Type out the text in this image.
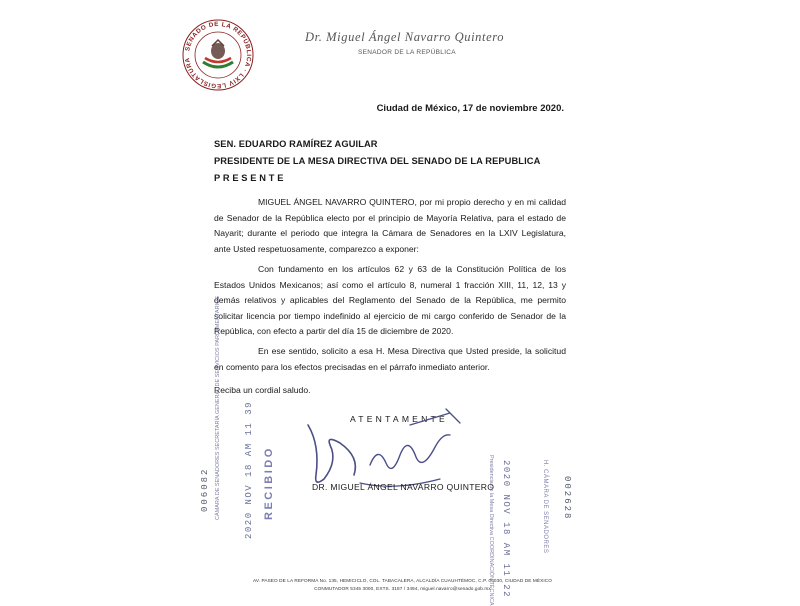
SENADO DE LA REPÚBLICA · LXIV LEGISLATURA
Dr. Miguel Ángel Navarro Quintero
SENADOR DE LA REPÚBLICA
Ciudad de México, 17 de noviembre 2020.
SEN. EDUARDO RAMÍREZ AGUILAR
PRESIDENTE DE LA MESA DIRECTIVA DEL SENADO DE LA REPUBLICA
P R E S E N T E
MIGUEL ÁNGEL NAVARRO QUINTERO, por mi propio derecho y en mi calidad de Senador de la República electo por el principio de Mayoría Relativa, para el estado de Nayarit; durante el periodo que integra la Cámara de Senadores en la LXIV Legislatura, ante Usted respetuosamente, comparezco a exponer:
Con fundamento en los artículos 62 y 63 de la Constitución Política de los Estados Unidos Mexicanos; así como el artículo 8, numeral 1 fracción XIII, 11, 12, 13 y demás relativos y aplicables del Reglamento del Senado de la República, me permito solicitar licencia por tiempo indefinido al ejercicio de mi cargo conferido de Senador de la República, con efecto a partir del día 15 de diciembre de 2020.
En ese sentido, solicito a esa H. Mesa Directiva que Usted preside, la solicitud en comento para los efectos precisadas en el párrafo inmediato anterior.
Reciba un cordial saludo.
ATENTAMENTE
DR. MIGUEL ÁNGEL NAVARRO QUINTERO
006082 CÁMARA DE SENADORES SECRETARÍA GENERAL DE SERVICIOS PARLAMENTARIOS	2020 NOV 18 AM 11 39 RECIBIDO	2020 NOV 18 AM 11 22
Presidencia de la Mesa Directiva COORDINACIÓN TÉCNICA	H. CÁMARA DE SENADORES 002628
AV. PASEO DE LA REFORMA No. 135, HEMICICLO, COL. TABACALERA, ALCALDÍA CUAUHTÉMOC, C.P. 06030, CIUDAD DE MÉXICO
CONMUTADOR 5345 3000, EXTS. 3187 / 3494, miguel.navarro@senado.gob.mx
